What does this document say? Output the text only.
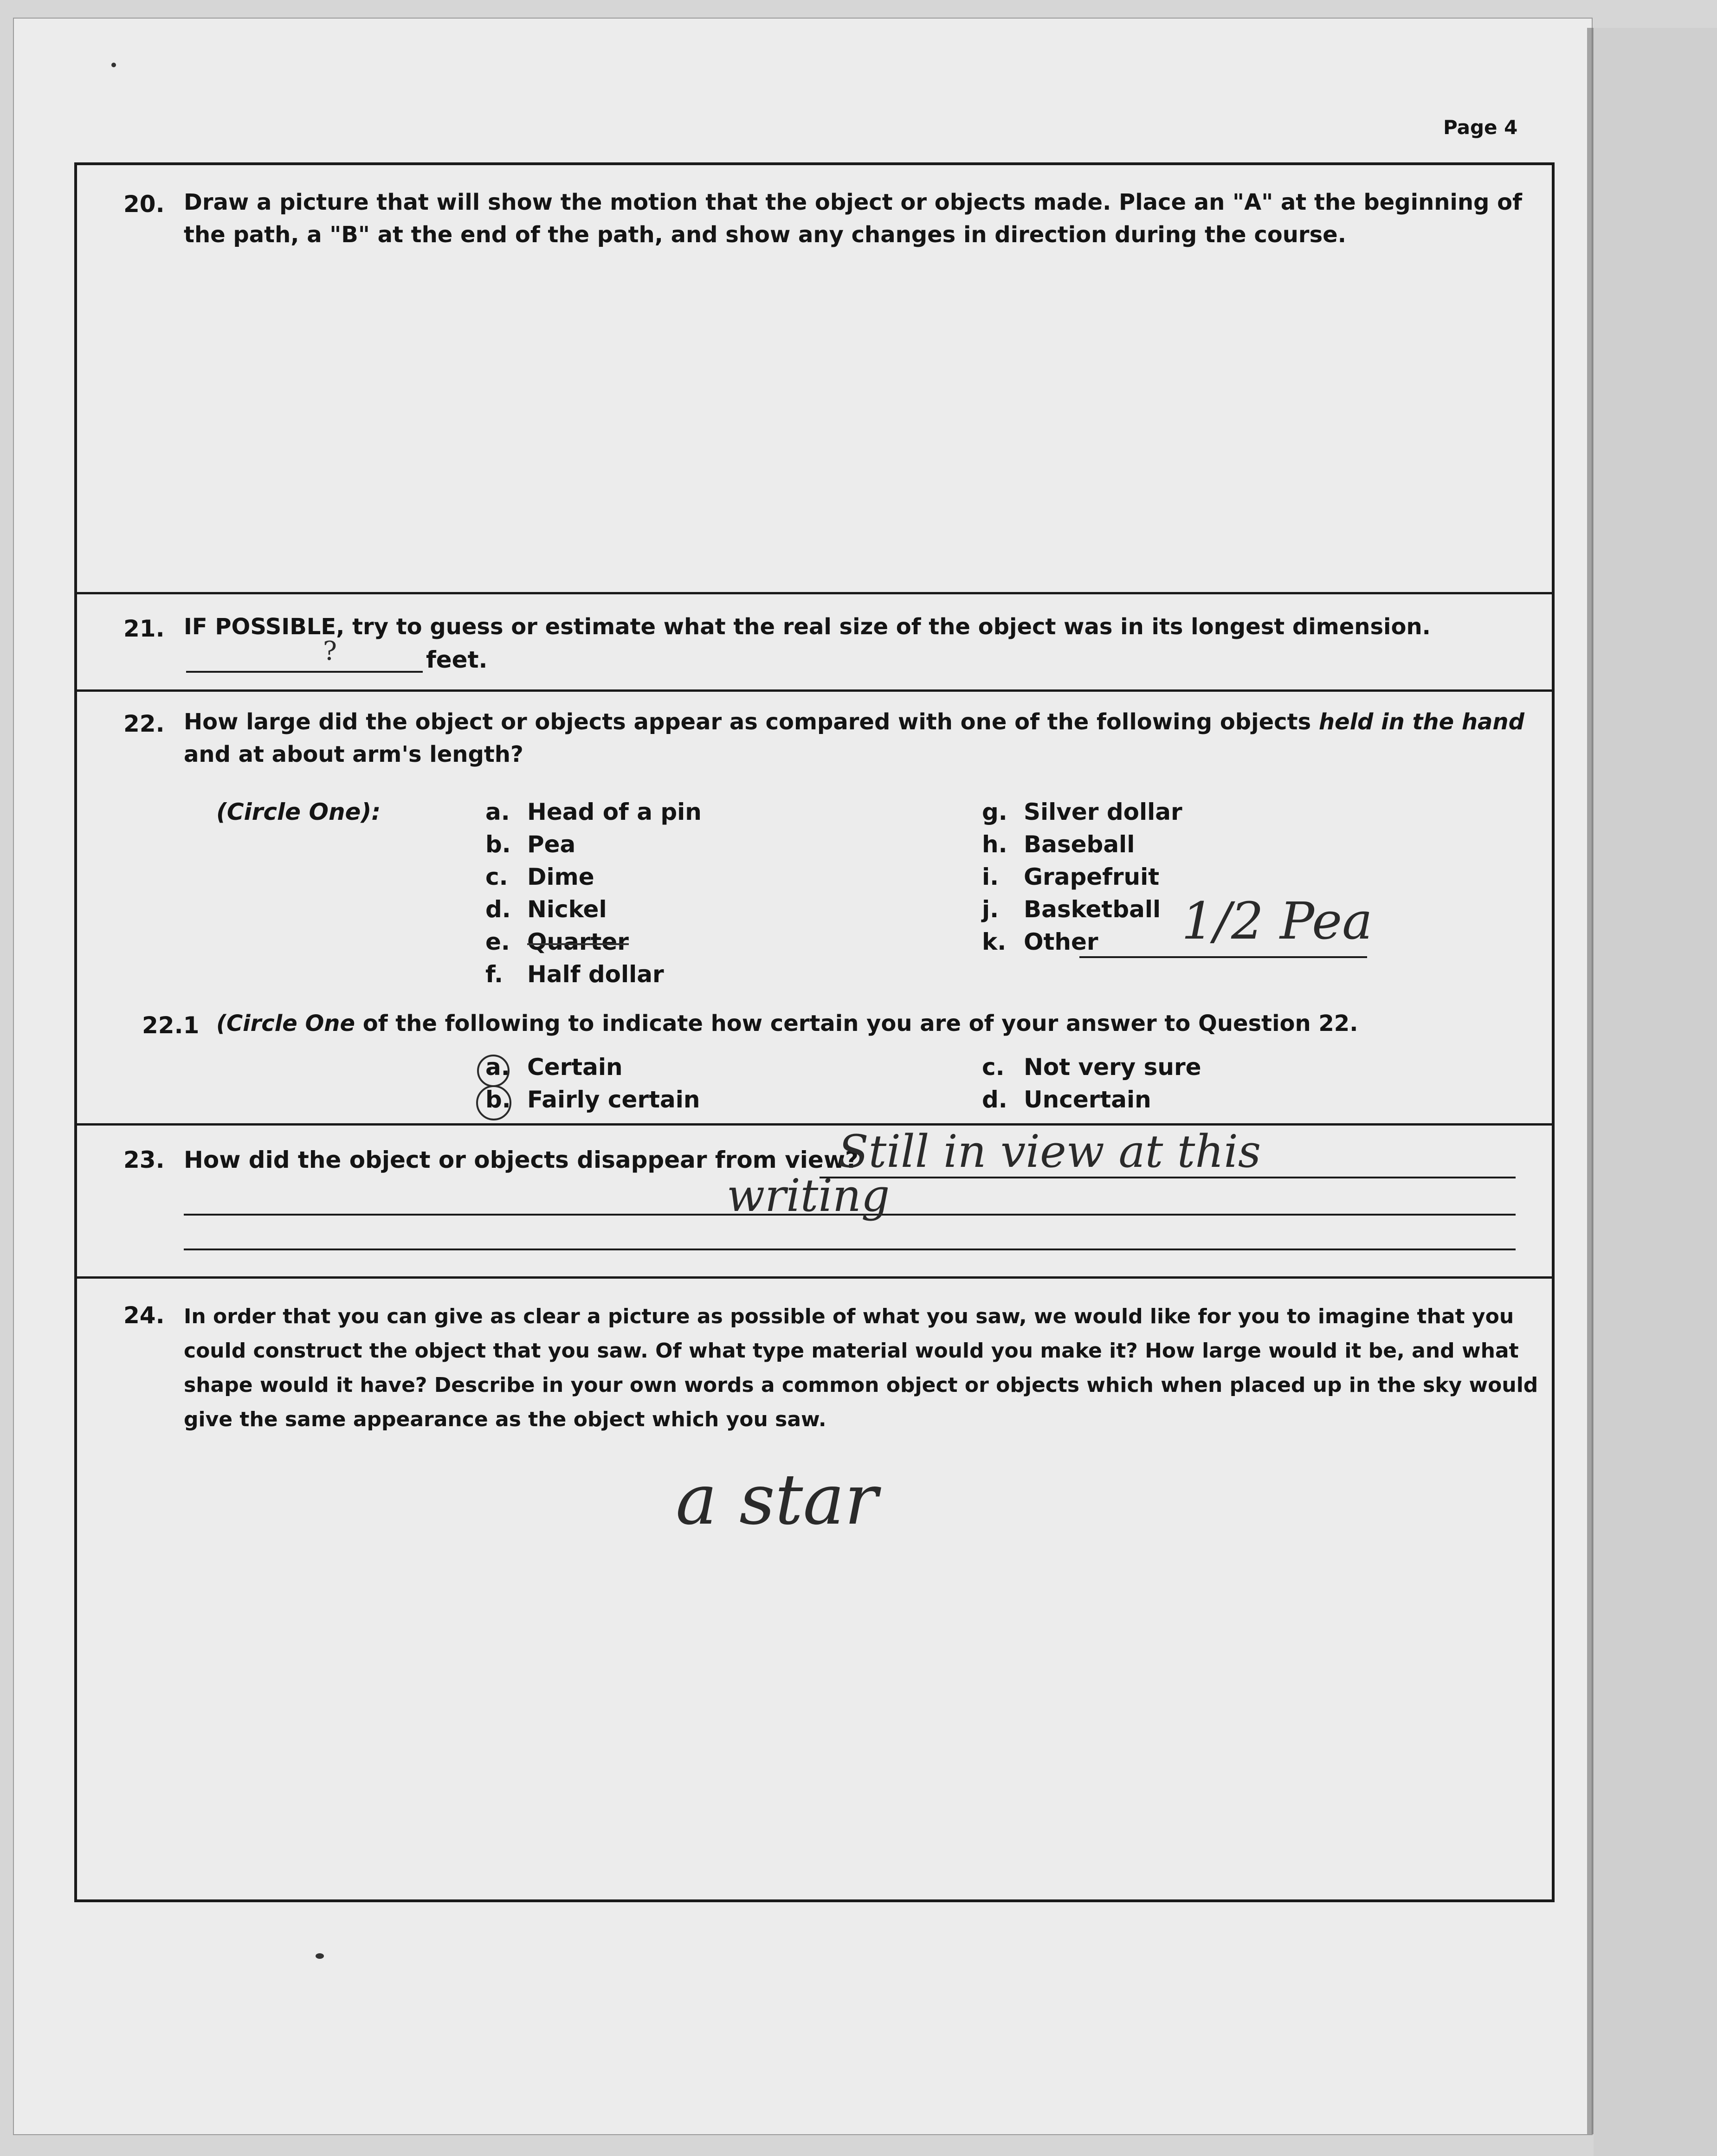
Page 4
20. Draw a picture that will show the motion that the object or objects made. Place an "A" at the beginning of the path, a "B" at the end of the path, and show any changes in direction during the course.
21. IF POSSIBLE, try to guess or estimate what the real size of the object was in its longest dimension.
?	feet.
22. How large did the object or objects appear as compared with one of the following objects held in the hand and at about arm's length?
(Circle One):	a. Head of a pin
b. Pea
c. Dime
d. Nickel
e. Quarter
f. Half dollar
g. Silver dollar
h. Baseball
i. Grapefruit
j. Basketball
k. Other 1/2 Pea
22.1 (Circle One of the following to indicate how certain you are of your answer to Question 22.
a. Certain
b. Fairly certain
c. Not very sure
d. Uncertain
23. How did the object or objects disappear from view?
Still in view at this
writing
24. In order that you can give as clear a picture as possible of what you saw, we would like for you to imagine that you could construct the object that you saw. Of what type material would you make it? How large would it be, and what shape would it have? Describe in your own words a common object or objects which when placed up in the sky would give the same appearance as the object which you saw.
a star
